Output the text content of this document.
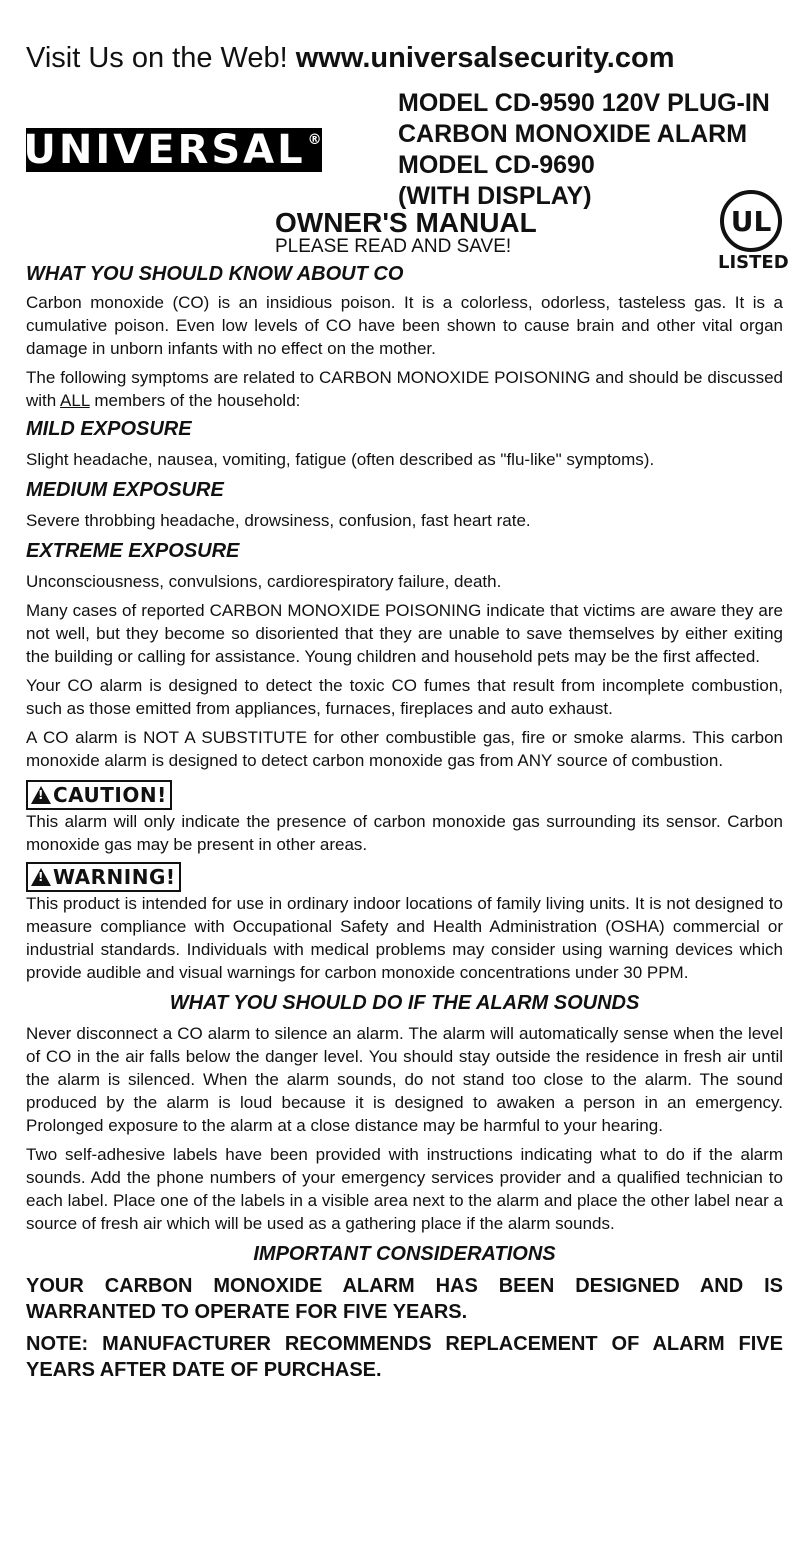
Visit Us on the Web! www.universalsecurity.com
UNIVERSAL®
MODEL CD-9590 120V PLUG-IN
CARBON MONOXIDE ALARM
MODEL CD-9690
(WITH DISPLAY)
OWNER'S MANUAL
PLEASE READ AND SAVE!
UL
LISTED
WHAT YOU SHOULD KNOW ABOUT CO

Carbon monoxide (CO) is an insidious poison. It is a colorless, odorless, tasteless gas. It is a cumulative poison. Even low levels of CO have been shown to cause brain and other vital organ damage in unborn infants with no effect on the mother.

The following symptoms are related to CARBON MONOXIDE POISONING and should be discussed with ALL members of the household:

MILD EXPOSURE

Slight headache, nausea, vomiting, fatigue (often described as "flu-like" symptoms).

MEDIUM EXPOSURE

Severe throbbing headache, drowsiness, confusion, fast heart rate.

EXTREME EXPOSURE

Unconsciousness, convulsions, cardiorespiratory failure, death.

Many cases of reported CARBON MONOXIDE POISONING indicate that victims are aware they are not well, but they become so disoriented that they are unable to save themselves by either exiting the building or calling for assistance. Young children and household pets may be the first affected.

Your CO alarm is designed to detect the toxic CO fumes that result from incomplete combustion, such as those emitted from appliances, furnaces, fireplaces and auto exhaust.

A CO alarm is NOT A SUBSTITUTE for other combustible gas, fire or smoke alarms. This carbon monoxide alarm is designed to detect carbon monoxide gas from ANY source of combustion.

!CAUTION!

This alarm will only indicate the presence of carbon monoxide gas surrounding its sensor. Carbon monoxide gas may be present in other areas.

!WARNING!

This product is intended for use in ordinary indoor locations of family living units. It is not designed to measure compliance with Occupational Safety and Health Administration (OSHA) commercial or industrial standards. Individuals with medical problems may consider using warning devices which provide audible and visual warnings for carbon monoxide concentrations under 30 PPM.

WHAT YOU SHOULD DO IF THE ALARM SOUNDS

Never disconnect a CO alarm to silence an alarm. The alarm will automatically sense when the level of CO in the air falls below the danger level. You should stay outside the residence in fresh air until the alarm is silenced. When the alarm sounds, do not stand too close to the alarm. The sound produced by the alarm is loud because it is designed to awaken a person in an emergency. Prolonged exposure to the alarm at a close distance may be harmful to your hearing.

Two self-adhesive labels have been provided with instructions indicating what to do if the alarm sounds. Add the phone numbers of your emergency services provider and a qualified technician to each label. Place one of the labels in a visible area next to the alarm and place the other label near a source of fresh air which will be used as a gathering place if the alarm sounds.

IMPORTANT CONSIDERATIONS

YOUR CARBON MONOXIDE ALARM HAS BEEN DESIGNED AND IS WARRANTED TO OPERATE FOR FIVE YEARS.

NOTE: MANUFACTURER RECOMMENDS REPLACEMENT OF ALARM FIVE YEARS AFTER DATE OF PURCHASE.
